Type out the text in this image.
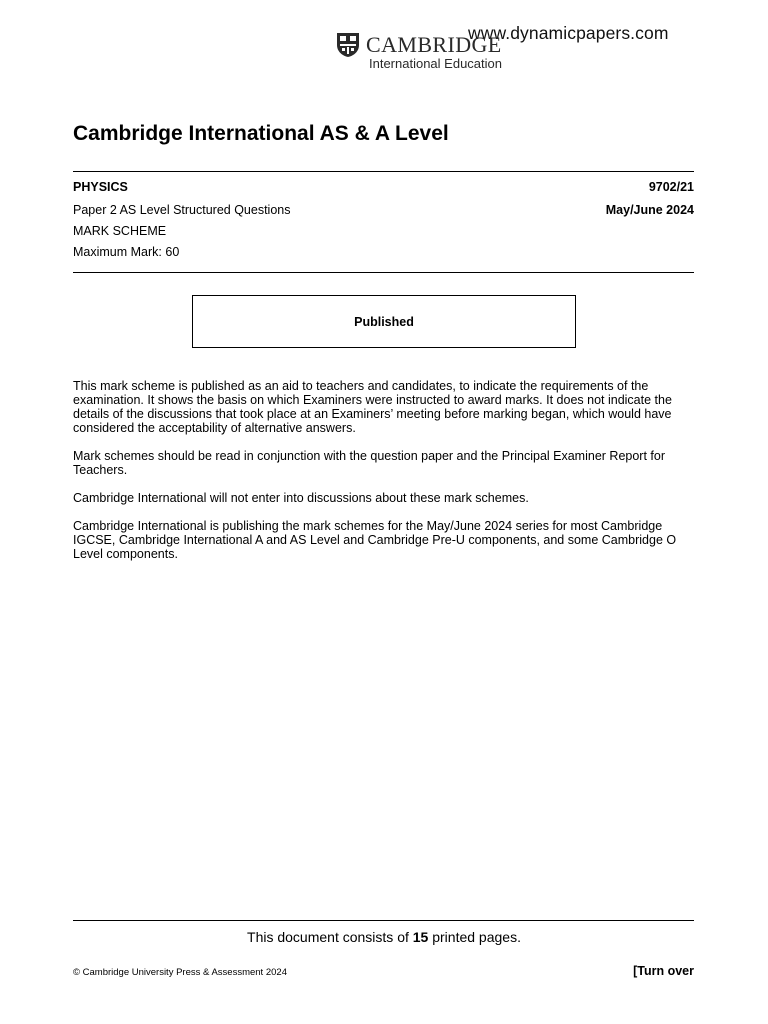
www.dynamicpapers.com
CAMBRIDGE
International Education
Cambridge International AS & A Level
PHYSICS	9702/21
Paper 2 AS Level Structured Questions	May/June 2024
MARK SCHEME
Maximum Mark: 60
Published

This mark scheme is published as an aid to teachers and candidates, to indicate the requirements of the examination. It shows the basis on which Examiners were instructed to award marks. It does not indicate the details of the discussions that took place at an Examiners’ meeting before marking began, which would have considered the acceptability of alternative answers.

Mark schemes should be read in conjunction with the question paper and the Principal Examiner Report for Teachers.

Cambridge International will not enter into discussions about these mark schemes.

Cambridge International is publishing the mark schemes for the May/June 2024 series for most Cambridge IGCSE, Cambridge International A and AS Level and Cambridge Pre-U components, and some Cambridge O Level components.

This document consists of 15 printed pages.
© Cambridge University Press & Assessment 2024	[Turn over
